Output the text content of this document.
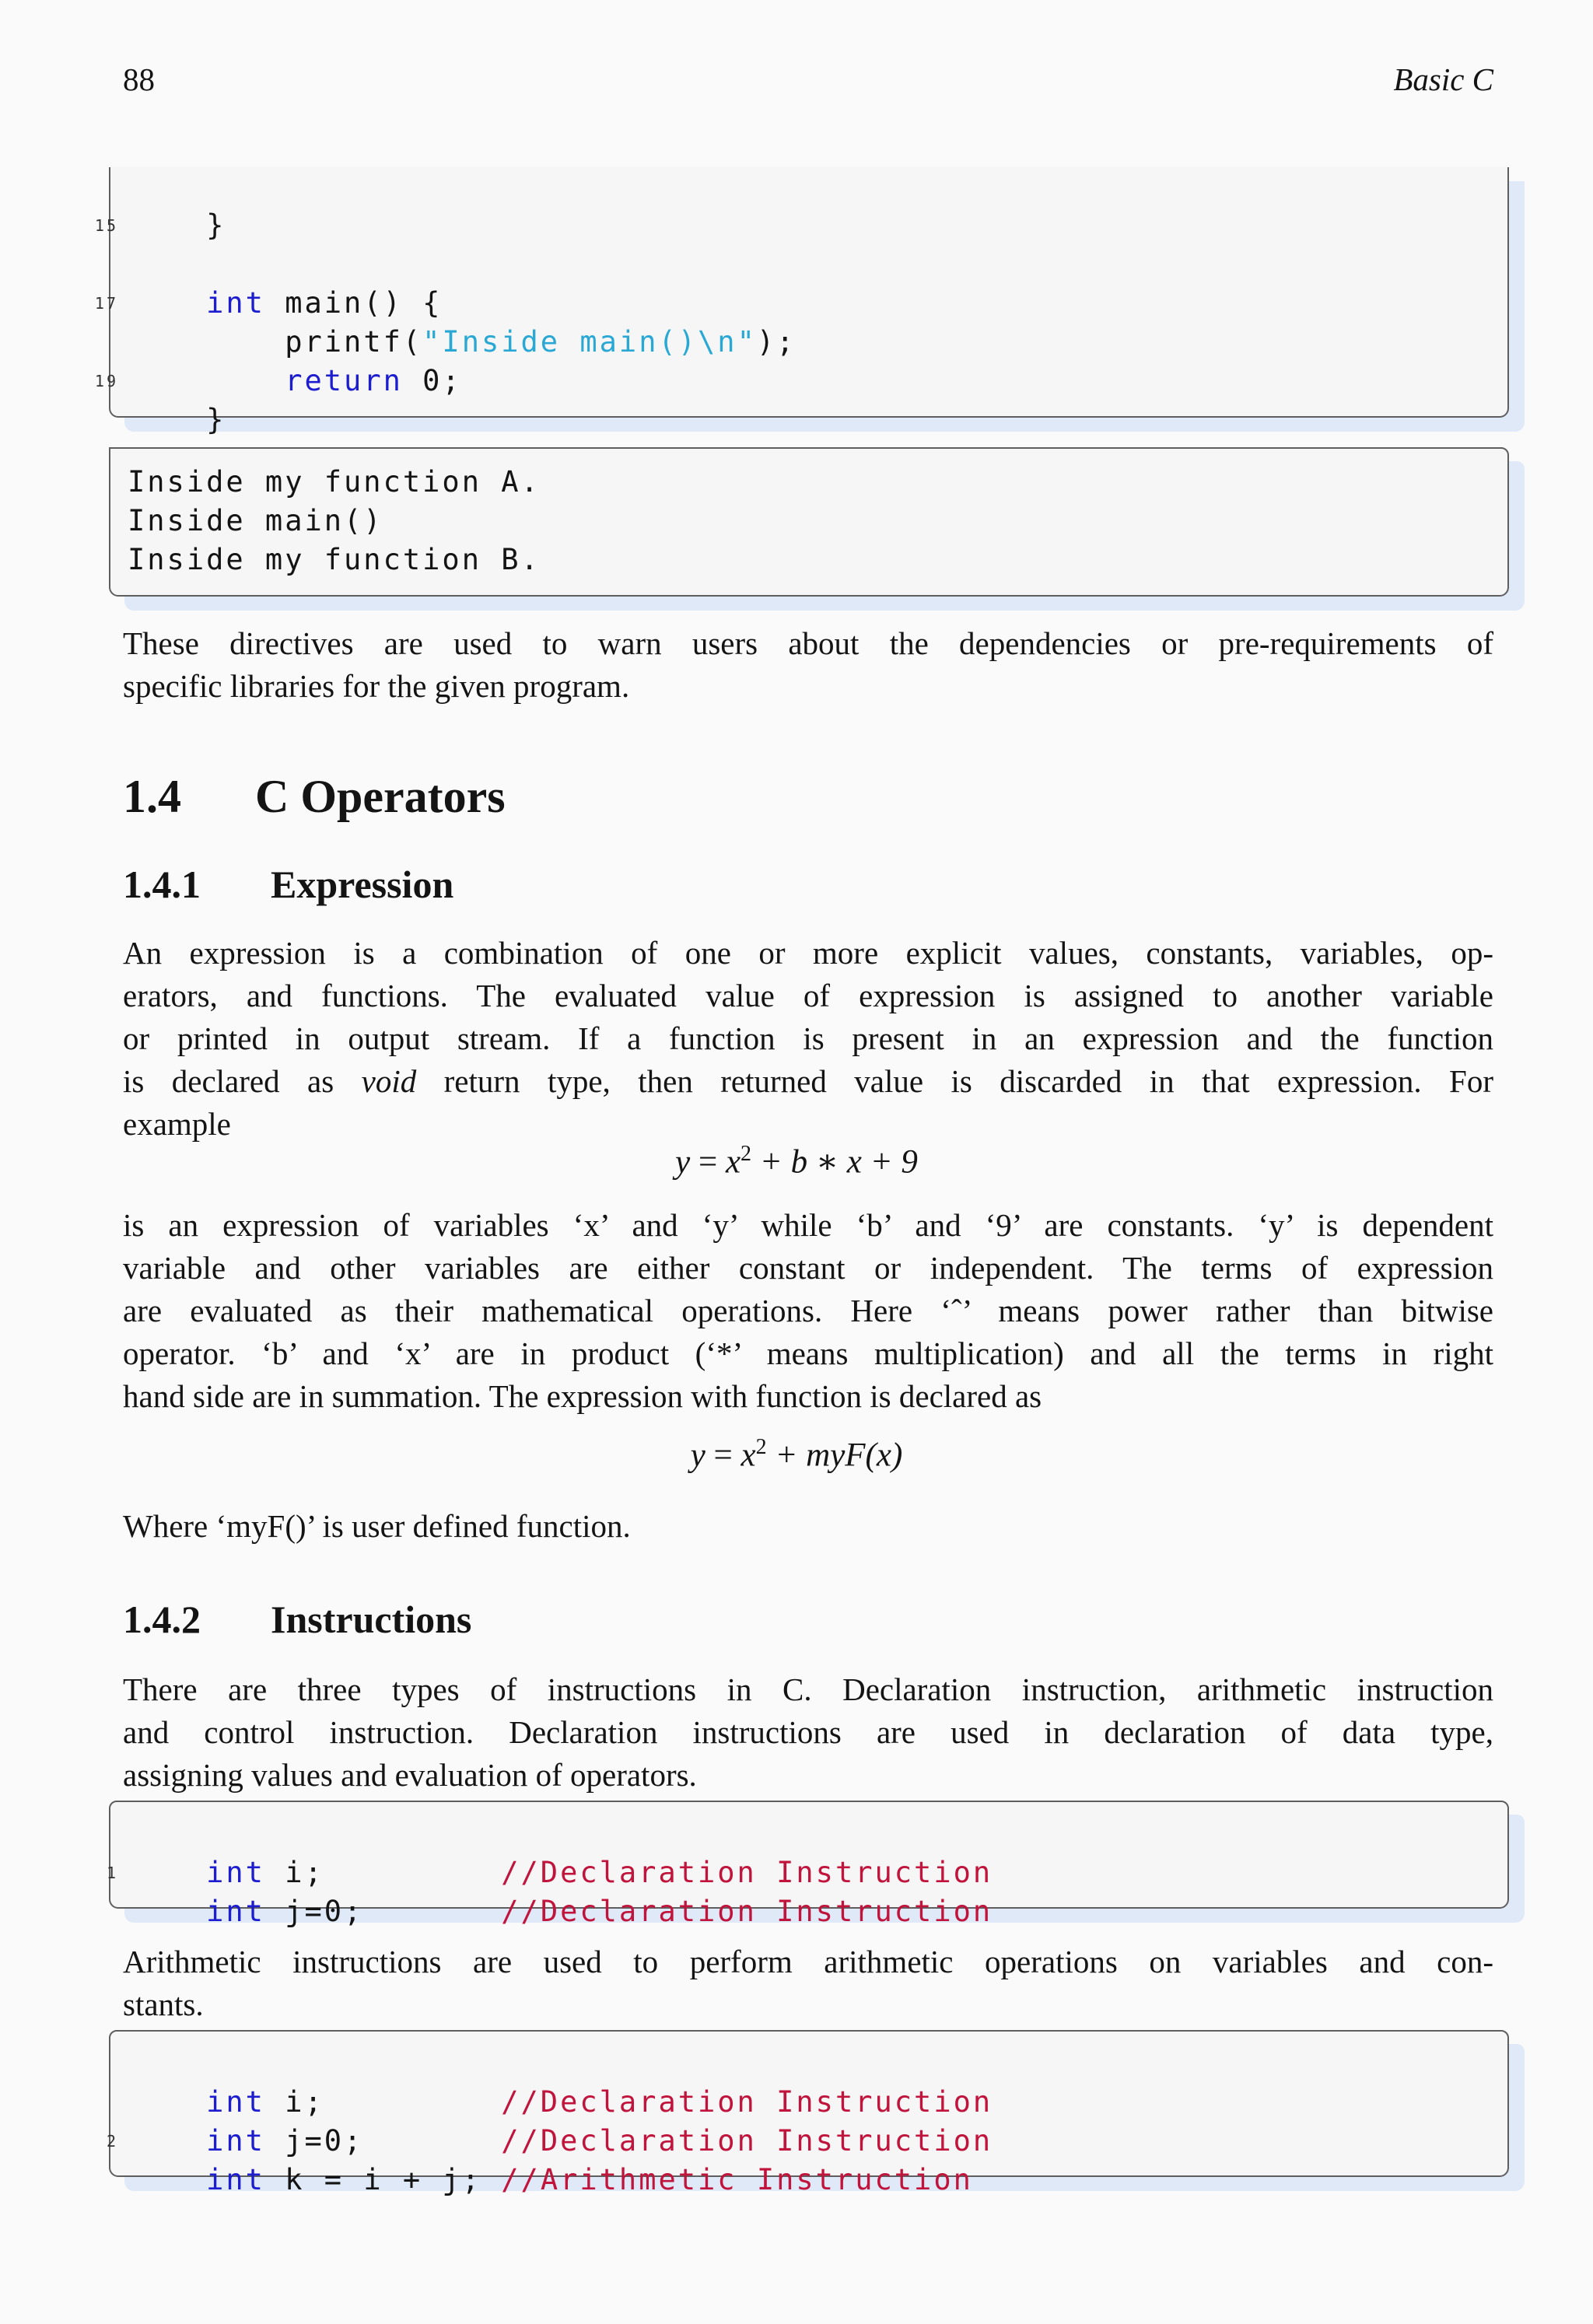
88	Basic C

15	}

17	int main() {

printf("Inside main()\n");

19	return 0;

}

Inside my function A.
Inside main()
Inside my function B.
These directives are used to warn users about the dependencies or pre-requirements of
specific libraries for the given program.
1.4 C Operators
1.4.1 Expression
An expression is a combination of one or more explicit values, constants, variables, op-
erators, and functions. The evaluated value of expression is assigned to another variable
or printed in output stream. If a function is present in an expression and the function
is declared as void return type, then returned value is discarded in that expression. For
example
$y = x^2 + b$ ∗ x + 9
is an expression of variables ‘x’ and ‘y’ while ‘b’ and ‘9’ are constants. ‘y’ is dependent
variable and other variables are either constant or independent. The terms of expression
are evaluated as their mathematical operations. Here ‘ˆ’ means power rather than bitwise
operator. ‘b’ and ‘x’ are in product (‘*’ means multiplication) and all the terms in right
hand side are in summation. The expression with function is declared as
$y = x^2 + myF(x)$
Where ‘myF()’ is user defined function.
1.4.2 Instructions
There are three types of instructions in C. Declaration instruction, arithmetic instruction
and control instruction. Declaration instructions are used in declaration of data type,
assigning values and evaluation of operators.

1	int i;	//Declaration Instruction

int j=0;	//Declaration Instruction

Arithmetic instructions are used to perform arithmetic operations on variables and con-
stants.

int i;	//Declaration Instruction

2	int j=0;	//Declaration Instruction

int k = i + j; //Arithmetic Instruction
